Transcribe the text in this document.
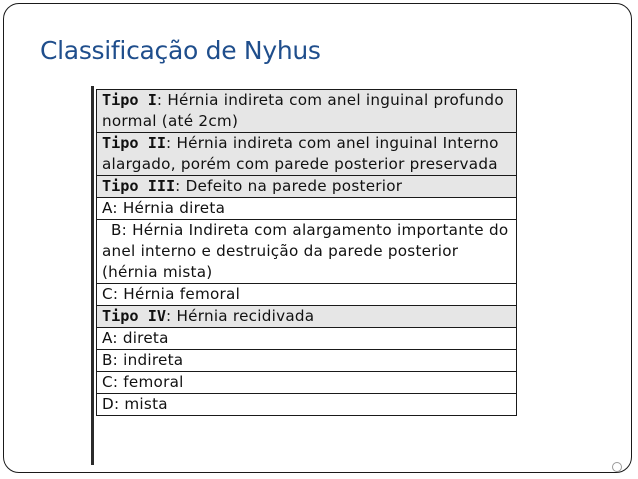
Classificação de Nyhus
Tipo I: Hérnia indireta com anel inguinal profundo normal (até 2cm)
Tipo II: Hérnia indireta com anel inguinal Interno alargado, porém com parede posterior preservada
Tipo III: Defeito na parede posterior
A: Hérnia direta
B: Hérnia Indireta com alargamento importante do anel interno e destruição da parede posterior (hérnia mista)
C: Hérnia femoral
Tipo IV: Hérnia recidivada
A: direta
B: indireta
C: femoral
D: mista
